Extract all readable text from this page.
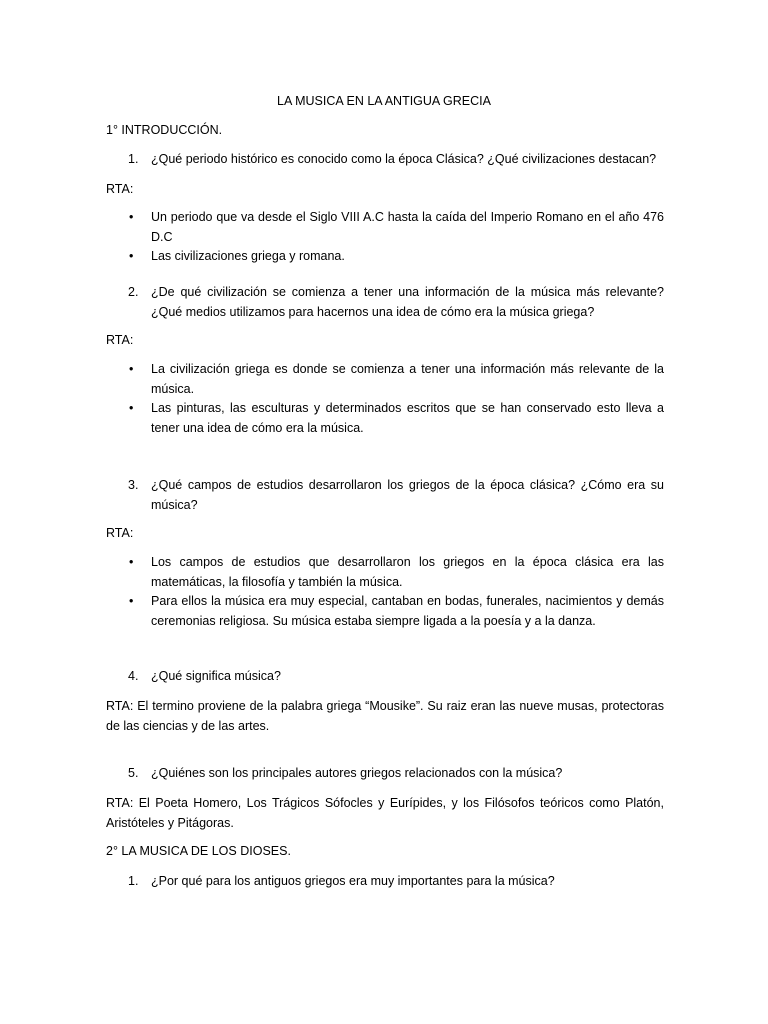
LA MUSICA EN LA ANTIGUA GRECIA
1° INTRODUCCIÓN.
1. ¿Qué periodo histórico es conocido como la época Clásica? ¿Qué civilizaciones destacan?
RTA:
• Un periodo que va desde el Siglo VIII A.C hasta la caída del Imperio Romano en el año 476 D.C
• Las civilizaciones griega y romana.
2. ¿De qué civilización se comienza a tener una información de la música más relevante? ¿Qué medios utilizamos para hacernos una idea de cómo era la música griega?
RTA:
• La civilización griega es donde se comienza a tener una información más relevante de la música.
• Las pinturas, las esculturas y determinados escritos que se han conservado esto lleva a tener una idea de cómo era la música.
3. ¿Qué campos de estudios desarrollaron los griegos de la época clásica? ¿Cómo era su música?
RTA:
• Los campos de estudios que desarrollaron los griegos en la época clásica era las matemáticas, la filosofía y también la música.
• Para ellos la música era muy especial, cantaban en bodas, funerales, nacimientos y demás ceremonias religiosa. Su música estaba siempre ligada a la poesía y a la danza.
4. ¿Qué significa música?
RTA: El termino proviene de la palabra griega “Mousike”. Su raiz eran las nueve musas, protectoras de las ciencias y de las artes.
5. ¿Quiénes son los principales autores griegos relacionados con la música?
RTA: El Poeta Homero, Los Trágicos Sófocles y Eurípides, y los Filósofos teóricos como Platón, Aristóteles y Pitágoras.
2° LA MUSICA DE LOS DIOSES.
1. ¿Por qué para los antiguos griegos era muy importantes para la música?
